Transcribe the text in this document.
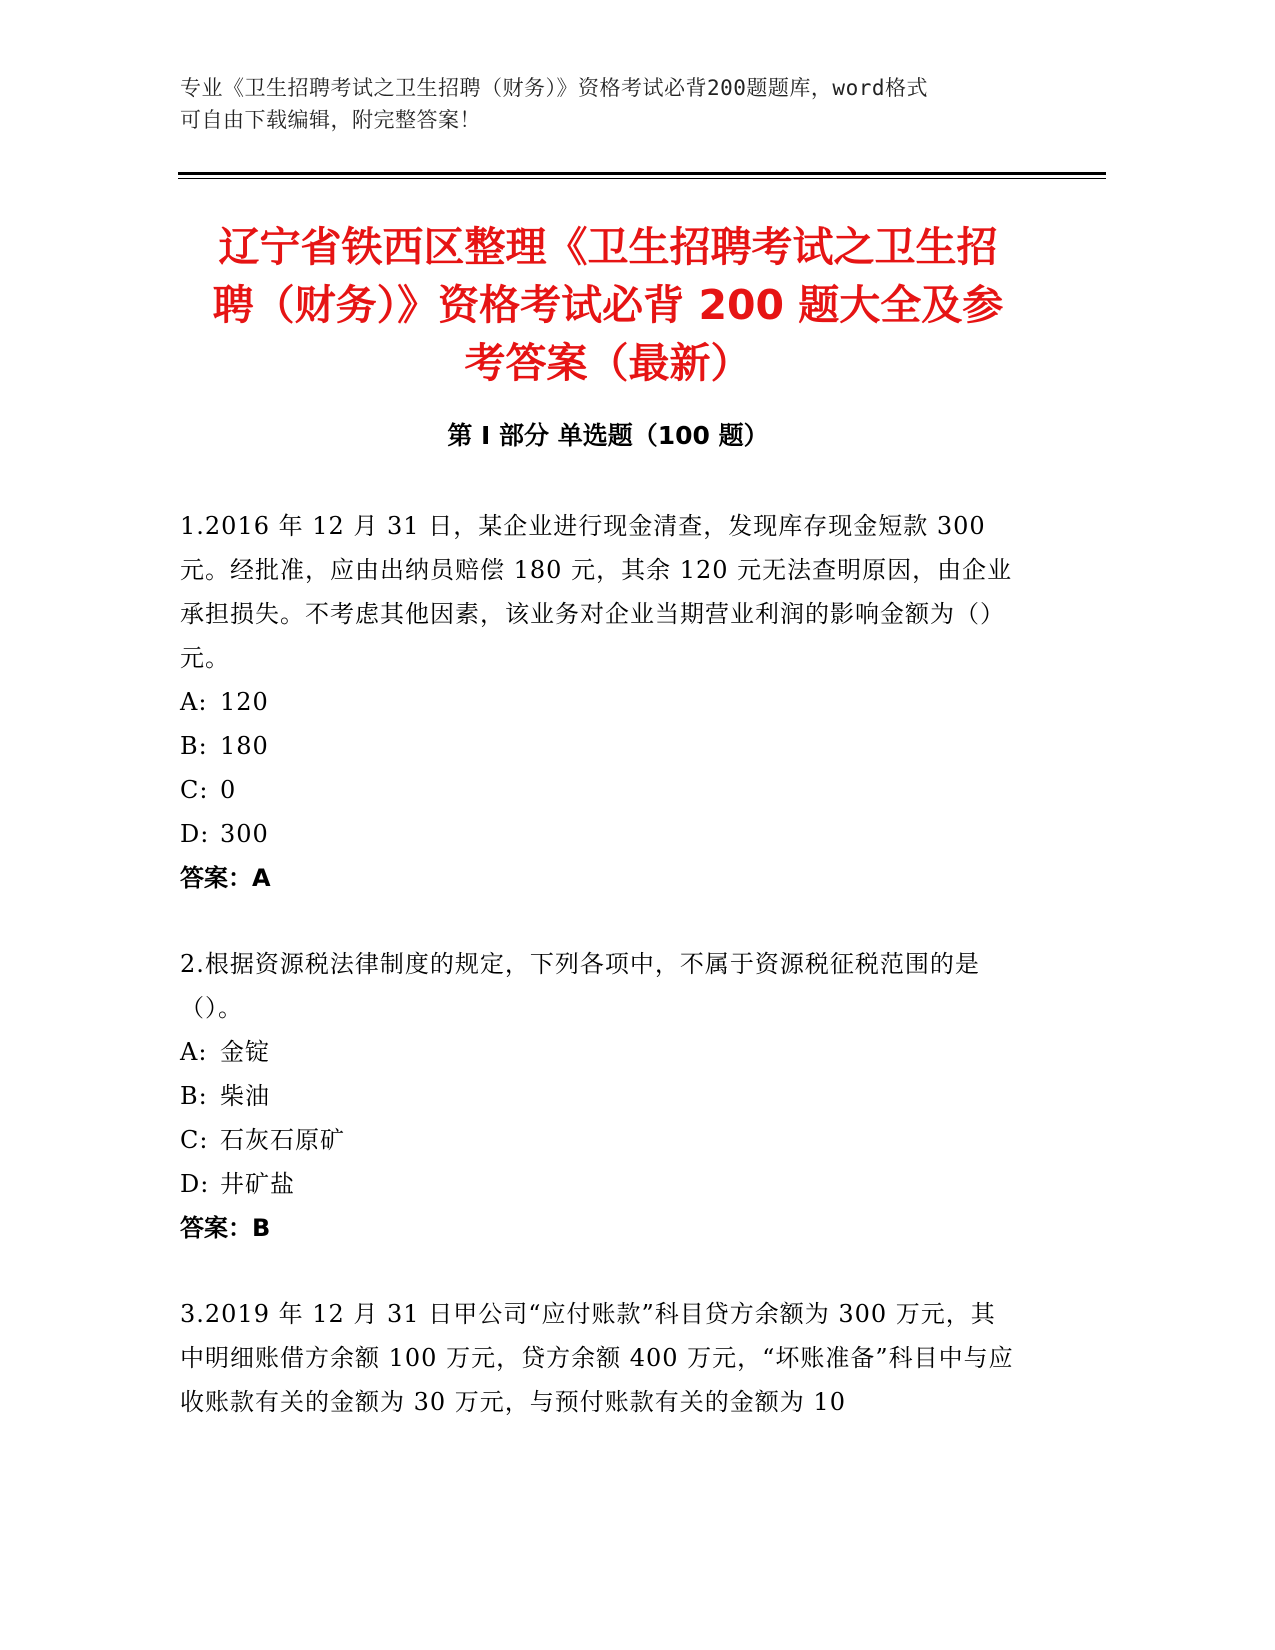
专业《卫生招聘考试之卫生招聘（财务）》资格考试必背200题题库，word格式
可自由下载编辑，附完整答案！
辽宁省铁西区整理《卫生招聘考试之卫生招
聘（财务）》资格考试必背 200 题大全及参
考答案（最新）
第 I 部分 单选题（100 题）

1.2016 年 12 月 31 日，某企业进行现金清查，发现库存现金短款 300 元。经批准，应由出纳员赔偿 180 元，其余 120 元无法查明原因，由企业承担损失。不考虑其他因素，该业务对企业当期营业利润的影响金额为（）元。

A: 120

B: 180

C: 0

D: 300

答案：A

2.根据资源税法律制度的规定，下列各项中，不属于资源税征税范围的是（）。

A: 金锭

B: 柴油

C: 石灰石原矿

D: 井矿盐

答案：B

3.2019 年 12 月 31 日甲公司“应付账款”科目贷方余额为 300 万元，其中明细账借方余额 100 万元，贷方余额 400 万元，“坏账准备”科目中与应收账款有关的金额为 30 万元，与预付账款有关的金额为 10
